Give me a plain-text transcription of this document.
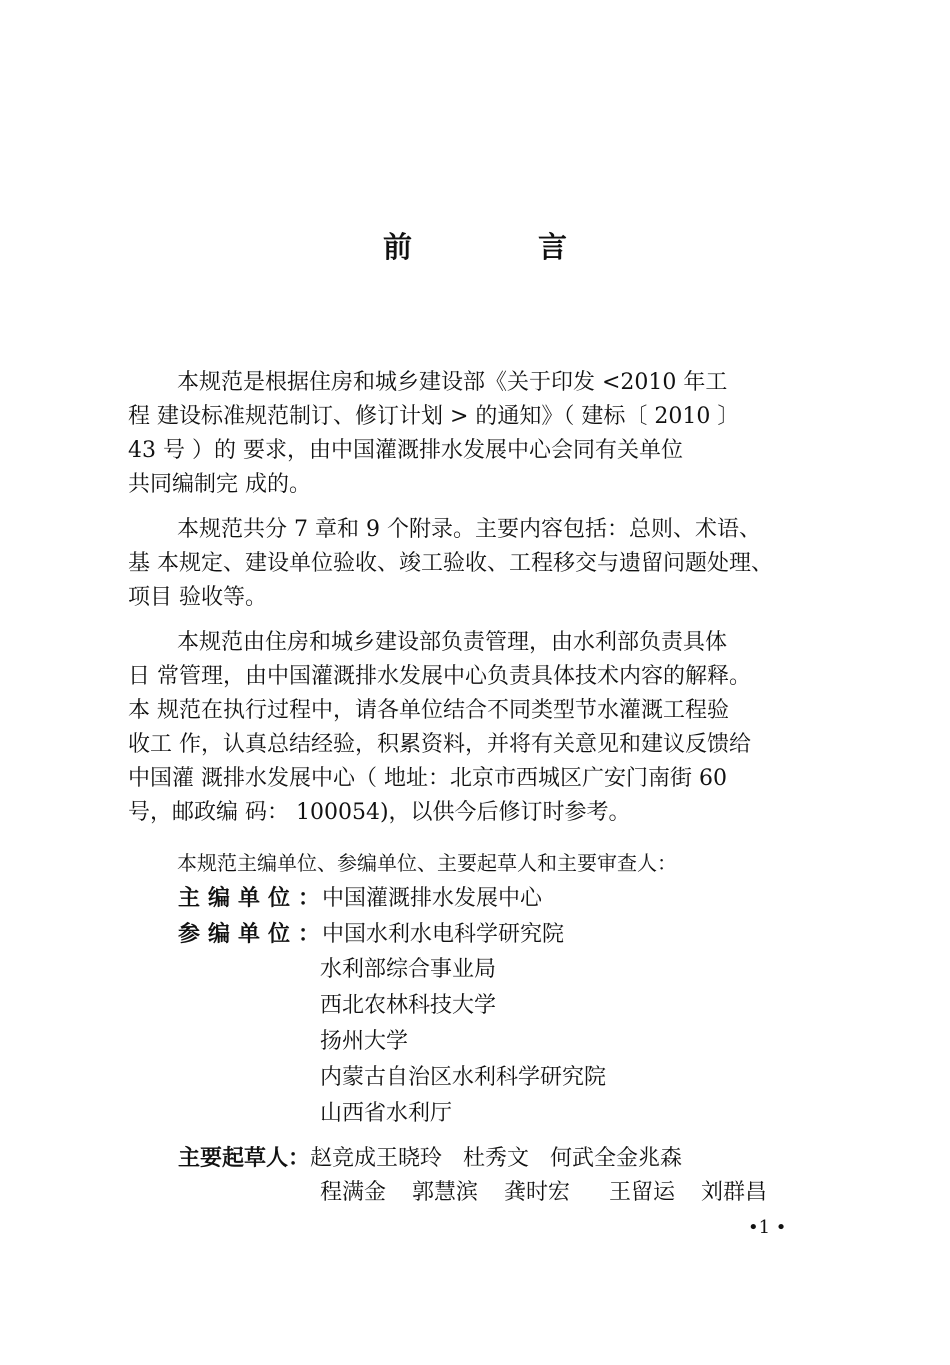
前 言
本规范是根据住房和城乡建设部《关于印发 <2010 年工
程 建设标准规范制订、修订计划 > 的通知》（ 建标〔 2010 〕
43 号 ）的 要求，由中国灌溉排水发展中心会同有关单位
共同编制完 成的。
本规范共分 7 章和 9 个附录。主要内容包括：总则、术语、
基 本规定、建设单位验收、竣工验收、工程移交与遗留问题处理、
项目 验收等。
本规范由住房和城乡建设部负责管理，由水利部负责具体
日 常管理，由中国灌溉排水发展中心负责具体技术内容的解释。
本 规范在执行过程中，请各单位结合不同类型节水灌溉工程验
收工 作，认真总结经验，积累资料，并将有关意见和建议反馈给
中国灌 溉排水发展中心（ 地址：北京市西城区广安门南街 60
号，邮政编 码： 100054)，以供今后修订时参考。
本规范主编单位、参编单位、主要起草人和主要审查人：
主编单位：中国灌溉排水发展中心
参编单位：中国水利水电科学研究院
水利部综合事业局
西北农林科技大学
扬州大学
内蒙古自治区水利科学研究院
山西省水利厅
主要起草人：赵竞成王晓玲   杜秀文   何武全金兆森
程满金  郭慧滨  龚时宏   王留运  刘群昌
•1 •
